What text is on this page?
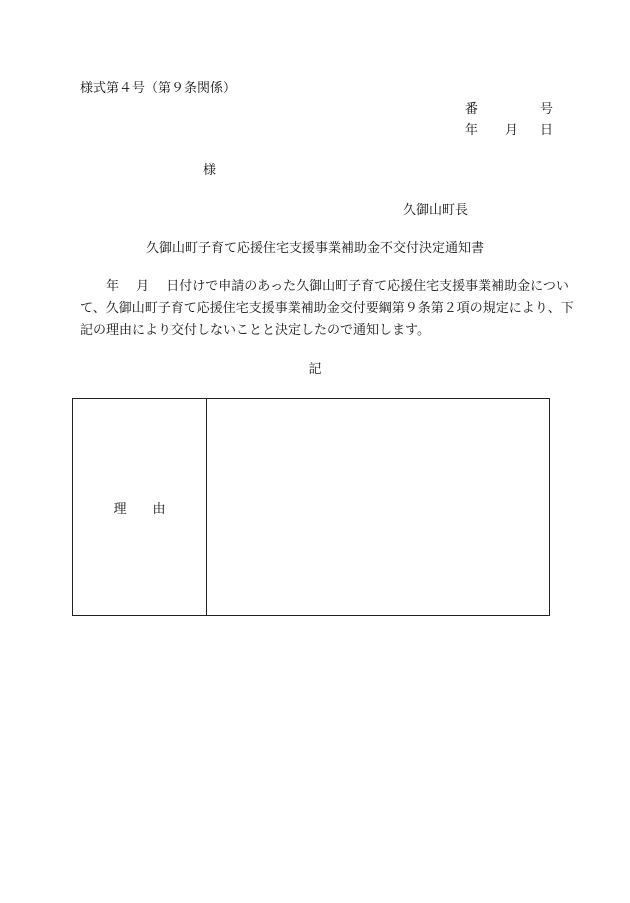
様式第４号（第９条関係）
番	号
年 月 日
様
久御山町長
久御山町子育て応援住宅支援事業補助金不交付決定通知書
　　年　 月　 日付けで申請のあった久御山町子育て応援住宅支援事業補助金につい
て、久御山町子育て応援住宅支援事業補助金交付要綱第９条第２項の規定により、下
記の理由により交付しないことと決定したので通知します。
記
理　　由
